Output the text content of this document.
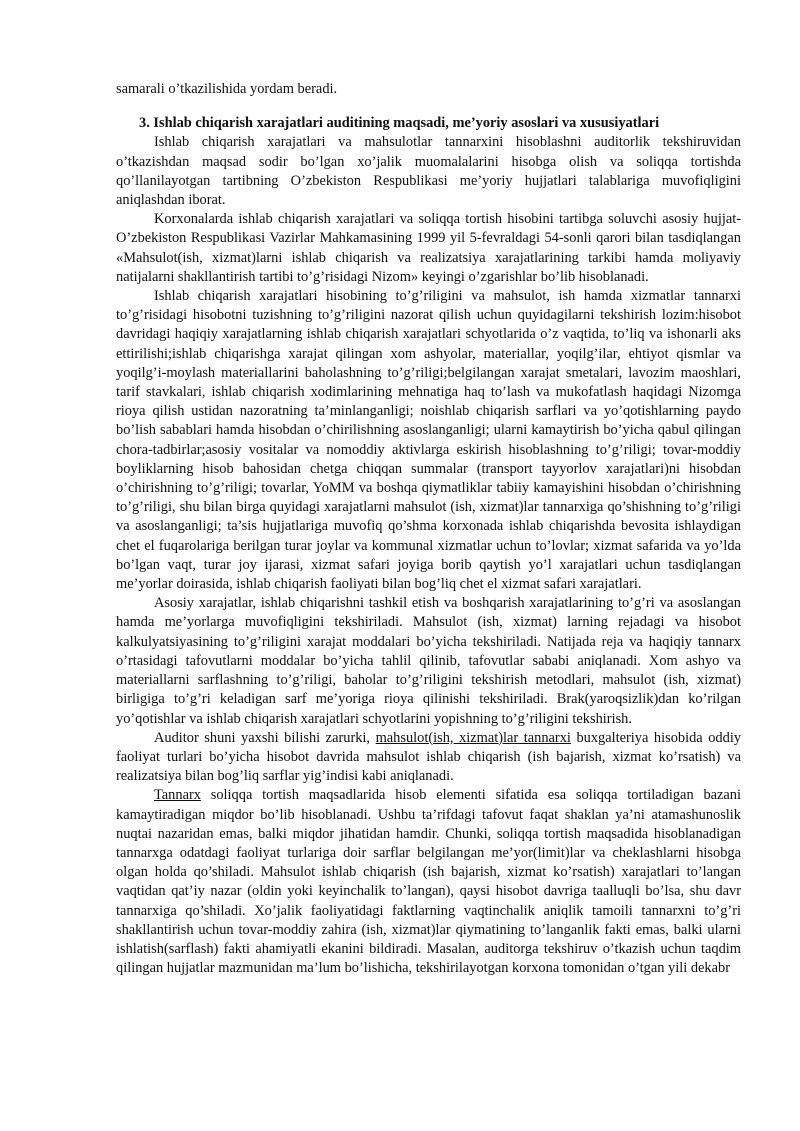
samarali o’tkazilishida yordam beradi.

3. Ishlab chiqarish xarajatlari auditining maqsadi, me’yoriy asoslari va xususiyatlari

Ishlab chiqarish xarajatlari va mahsulotlar tannarxini hisoblashni auditorlik tekshiruvidan o’tkazishdan maqsad sodir bo’lgan xo’jalik muomalalarini hisobga olish va soliqqa tortishda qo’llanilayotgan tartibning O’zbekiston Respublikasi me’yoriy hujjatlari talablariga muvofiqligini aniqlashdan iborat.

Korxonalarda ishlab chiqarish xarajatlari va soliqqa tortish hisobini tartibga soluvchi asosiy hujjat-O’zbekiston Respublikasi Vazirlar Mahkamasining 1999 yil 5-fevraldagi 54-sonli qarori bilan tasdiqlangan «Mahsulot(ish, xizmat)larni ishlab chiqarish va realizatsiya xarajatlarining tarkibi hamda moliyaviy natijalarni shakllantirish tartibi to’g’risidagi Nizom» keyingi o’zgarishlar bo’lib hisoblanadi.

Ishlab chiqarish xarajatlari hisobining to’g’riligini va mahsulot, ish hamda xizmatlar tannarxi to’g’risidagi hisobotni tuzishning to’g’riligini nazorat qilish uchun quyidagilarni tekshirish lozim:hisobot davridagi haqiqiy xarajatlarning ishlab chiqarish xarajatlari schyotlarida o’z vaqtida, to’liq va ishonarli aks ettirilishi;ishlab chiqarishga xarajat qilingan xom ashyolar, materiallar, yoqilg’ilar, ehtiyot qismlar va yoqilg’i-moylash materiallarini baholashning to’g’riligi;belgilangan xarajat smetalari, lavozim maoshlari, tarif stavkalari, ishlab chiqarish xodimlarining mehnatiga haq to’lash va mukofatlash haqidagi Nizomga rioya qilish ustidan nazoratning ta’minlanganligi; noishlab chiqarish sarflari va yo’qotishlarning paydo bo’lish sabablari hamda hisobdan o’chirilishning asoslanganligi; ularni kamaytirish bo’yicha qabul qilingan chora-tadbirlar;asosiy vositalar va nomoddiy aktivlarga eskirish hisoblashning to’g’riligi; tovar-moddiy boyliklarning hisob bahosidan chetga chiqqan summalar (transport tayyorlov xarajatlari)ni hisobdan o’chirishning to’g’riligi; tovarlar, YoMM va boshqa qiymatliklar tabiiy kamayishini hisobdan o’chirishning to’g’riligi, shu bilan birga quyidagi xarajatlarni mahsulot (ish, xizmat)lar tannarxiga qo’shishning to’g’riligi va asoslanganligi; ta’sis hujjatlariga muvofiq qo’shma korxonada ishlab chiqarishda bevosita ishlaydigan chet el fuqarolariga berilgan turar joylar va kommunal xizmatlar uchun to’lovlar; xizmat safarida va yo’lda bo’lgan vaqt, turar joy ijarasi, xizmat safari joyiga borib qaytish yo’l xarajatlari uchun tasdiqlangan me’yorlar doirasida, ishlab chiqarish faoliyati bilan bog’liq chet el xizmat safari xarajatlari.

Asosiy xarajatlar, ishlab chiqarishni tashkil etish va boshqarish xarajatlarining to’g’ri va asoslangan hamda me’yorlarga muvofiqligini tekshiriladi. Mahsulot (ish, xizmat) larning rejadagi va hisobot kalkulyatsiyasining to’g’riligini xarajat moddalari bo’yicha tekshiriladi. Natijada reja va haqiqiy tannarx o’rtasidagi tafovutlarni moddalar bo’yicha tahlil qilinib, tafovutlar sababi aniqlanadi. Xom ashyo va materiallarni sarflashning to’g’riligi, baholar to’g’riligini tekshirish metodlari, mahsulot (ish, xizmat) birligiga to’g’ri keladigan sarf me’yoriga rioya qilinishi tekshiriladi. Brak(yaroqsizlik)dan ko’rilgan yo’qotishlar va ishlab chiqarish xarajatlari schyotlarini yopishning to’g’riligini tekshirish.

Auditor shuni yaxshi bilishi zarurki, mahsulot(ish, xizmat)lar tannarxi buxgalteriya hisobida oddiy faoliyat turlari bo’yicha hisobot davrida mahsulot ishlab chiqarish (ish bajarish, xizmat ko’rsatish) va realizatsiya bilan bog’liq sarflar yig’indisi kabi aniqlanadi.

Tannarx soliqqa tortish maqsadlarida hisob elementi sifatida esa soliqqa tortiladigan bazani kamaytiradigan miqdor bo’lib hisoblanadi. Ushbu ta’rifdagi tafovut faqat shaklan ya’ni atamashunoslik nuqtai nazaridan emas, balki miqdor jihatidan hamdir. Chunki, soliqqa tortish maqsadida hisoblanadigan tannarxga odatdagi faoliyat turlariga doir sarflar belgilangan me’yor(limit)lar va cheklashlarni hisobga olgan holda qo’shiladi. Mahsulot ishlab chiqarish (ish bajarish, xizmat ko’rsatish) xarajatlari to’langan vaqtidan qat’iy nazar (oldin yoki keyinchalik to’langan), qaysi hisobot davriga taalluqli bo’lsa, shu davr tannarxiga qo’shiladi. Xo’jalik faoliyatidagi faktlarning vaqtinchalik aniqlik tamoili tannarxni to’g’ri shakllantirish uchun tovar-moddiy zahira (ish, xizmat)lar qiymatining to’langanlik fakti emas, balki ularni ishlatish(sarflash) fakti ahamiyatli ekanini bildiradi. Masalan, auditorga tekshiruv o’tkazish uchun taqdim qilingan hujjatlar mazmunidan ma’lum bo’lishicha, tekshirilayotgan korxona tomonidan o’tgan yili dekabr
